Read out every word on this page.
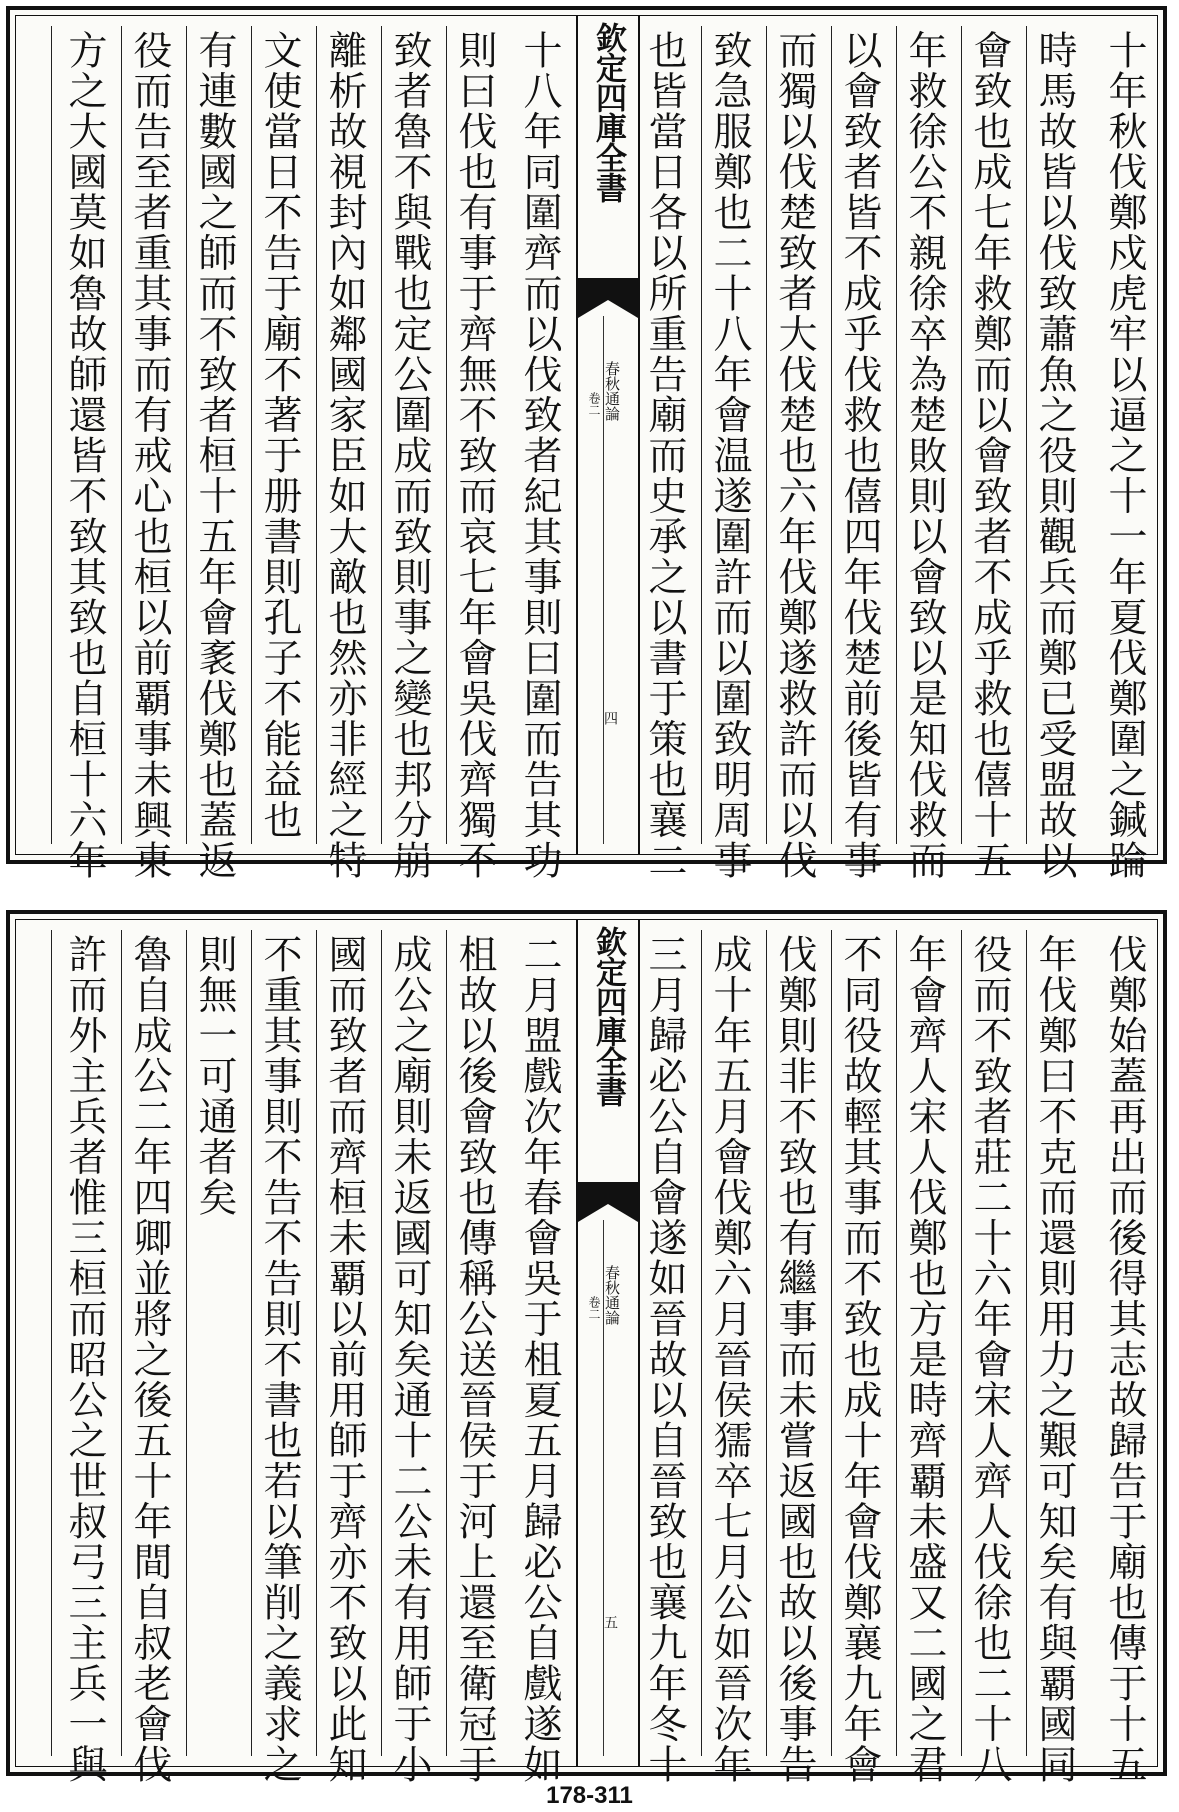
十年秋伐鄭戍虎牢以逼之十一年夏伐鄭圍之鍼踚
時馬故皆以伐致蕭魚之役則觀兵而鄭已受盟故以
會致也成七年救鄭而以會致者不成乎救也僖十五
年救徐公不親徐卒為楚敗則以會致以是知伐救而
以會致者皆不成乎伐救也僖四年伐楚前後皆有事
而獨以伐楚致者大伐楚也六年伐鄭遂救許而以伐
致急服鄭也二十八年會温遂圍許而以圍致明周事
也皆當日各以所重告廟而史承之以書于策也襄二
欽定四庫全書
春秋通論
卷二
四
十八年同圍齊而以伐致者紀其事則曰圍而告其功
則曰伐也有事于齊無不致而哀七年會吳伐齊獨不
致者魯不與戰也定公圍成而致則事之變也邦分崩
離析故視封內如鄰國家臣如大敵也然亦非經之特
文使當日不告于廟不著于册書則孔子不能益也
有連數國之師而不致者桓十五年會袲伐鄭也蓋返
役而告至者重其事而有戒心也桓以前覇事未興東
方之大國莫如魯故師還皆不致其致也自桓十六年
伐鄭始蓋再出而後得其志故歸告于廟也傳于十五
年伐鄭曰不克而還則用力之艱可知矣有與覇國同
役而不致者莊二十六年會宋人齊人伐徐也二十八
年會齊人宋人伐鄭也方是時齊覇未盛又二國之君
不同役故輕其事而不致也成十年會伐鄭襄九年會
伐鄭則非不致也有繼事而未嘗返國也故以後事告
成十年五月會伐鄭六月晉侯獳卒七月公如晉次年
三月歸必公自會遂如晉故以自晉致也襄九年冬十
欽定四庫全書
春秋通論
卷二
五
二月盟戲次年春會吳于柤夏五月歸必公自戲遂如
柤故以後會致也傳稱公送晉侯于河上還至衛冠于
成公之廟則未返國可知矣通十二公未有用師于小
國而致者而齊桓未覇以前用師于齊亦不致以此知
不重其事則不告不告則不書也若以筆削之義求之
則無一可通者矣
魯自成公二年四卿並將之後五十年間自叔老會伐
許而外主兵者惟三桓而昭公之世叔弓三主兵一與
178-311
